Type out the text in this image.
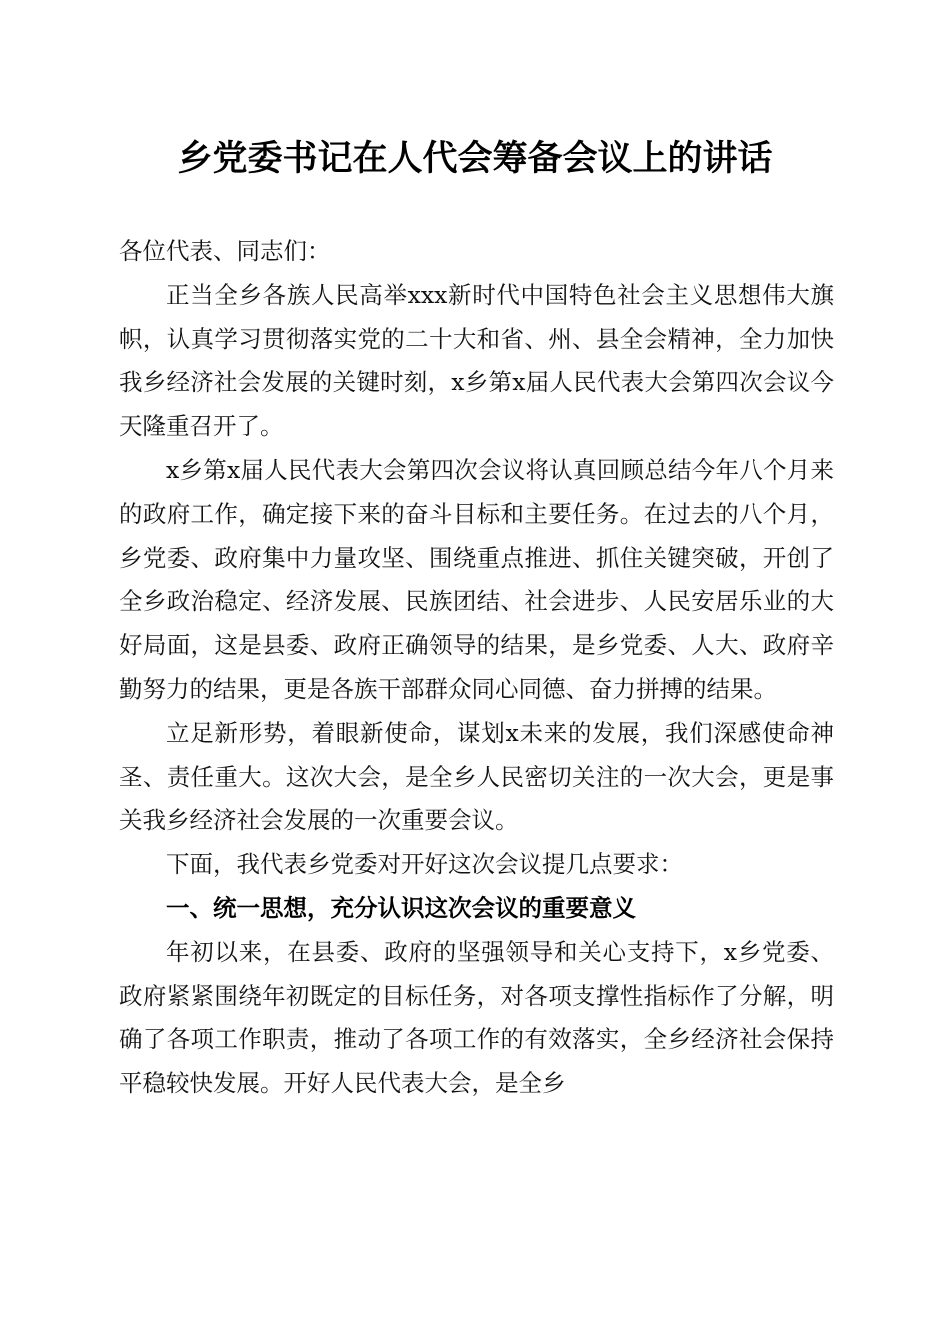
乡党委书记在人代会筹备会议上的讲话

各位代表、同志们：

正当全乡各族人民高举xxx新时代中国特色社会主义思想伟大旗帜，认真学习贯彻落实党的二十大和省、州、县全会精神，全力加快我乡经济社会发展的关键时刻，x乡第x届人民代表大会第四次会议今天隆重召开了。

x乡第x届人民代表大会第四次会议将认真回顾总结今年八个月来的政府工作，确定接下来的奋斗目标和主要任务。在过去的八个月，乡党委、政府集中力量攻坚、围绕重点推进、抓住关键突破，开创了全乡政治稳定、经济发展、民族团结、社会进步、人民安居乐业的大好局面，这是县委、政府正确领导的结果，是乡党委、人大、政府辛勤努力的结果，更是各族干部群众同心同德、奋力拼搏的结果。

立足新形势，着眼新使命，谋划x未来的发展，我们深感使命神圣、责任重大。这次大会，是全乡人民密切关注的一次大会，更是事关我乡经济社会发展的一次重要会议。

下面，我代表乡党委对开好这次会议提几点要求：

一、统一思想，充分认识这次会议的重要意义

年初以来，在县委、政府的坚强领导和关心支持下，x乡党委、政府紧紧围绕年初既定的目标任务，对各项支撑性指标作了分解，明确了各项工作职责，推动了各项工作的有效落实，全乡经济社会保持平稳较快发展。开好人民代表大会，是全乡
